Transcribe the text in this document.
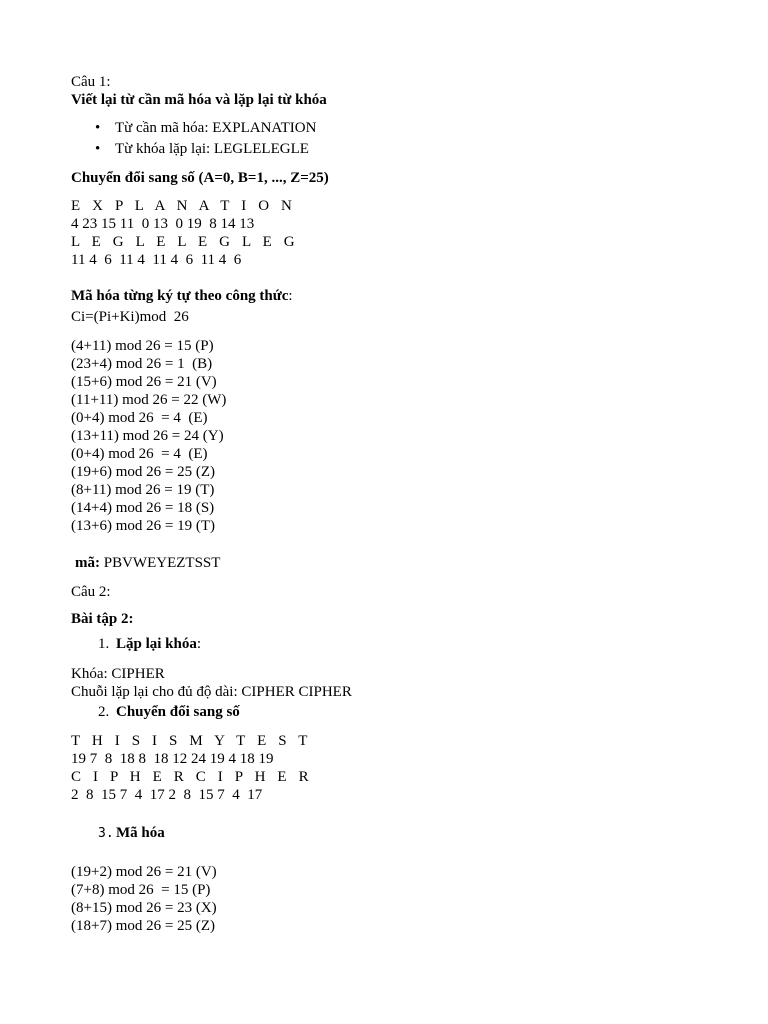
Câu 1:
Viết lại từ cần mã hóa và lặp lại từ khóa
• Từ cần mã hóa: EXPLANATION
• Từ khóa lặp lại: LEGLELEGLE
Chuyển đổi sang số (A=0, B=1, ..., Z=25)
E  X  P  L  A  N  A  T  I  O  N
4 23 15 11  0 13  0 19  8 14 13
L  E  G  L  E  L  E  G  L  E  G
11 4  6  11 4  11 4  6  11 4  6
Mã hóa từng ký tự theo công thức:
Ci=(Pi+Ki)mod  26
(4+11) mod 26 = 15 (P)
(23+4) mod 26 = 1  (B)
(15+6) mod 26 = 21 (V)
(11+11) mod 26 = 22 (W)
(0+4) mod 26  = 4  (E)
(13+11) mod 26 = 24 (Y)
(0+4) mod 26  = 4  (E)
(19+6) mod 26 = 25 (Z)
(8+11) mod 26 = 19 (T)
(14+4) mod 26 = 18 (S)
(13+6) mod 26 = 19 (T)
mã: PBVWEYEZTSST
Câu 2:
Bài tập 2:
1. Lặp lại khóa:
Khóa: CIPHER
Chuỗi lặp lại cho đủ độ dài: CIPHER CIPHER
2. Chuyển đổi sang số
T  H  I  S  I  S  M  Y  T  E  S  T
19 7  8  18 8  18 12 24 19 4 18 19
C  I  P  H  E  R  C  I  P  H  E  R
2  8  15 7  4  17 2  8  15 7  4  17
3. Mã hóa
(19+2) mod 26 = 21 (V)
(7+8) mod 26  = 15 (P)
(8+15) mod 26 = 23 (X)
(18+7) mod 26 = 25 (Z)
